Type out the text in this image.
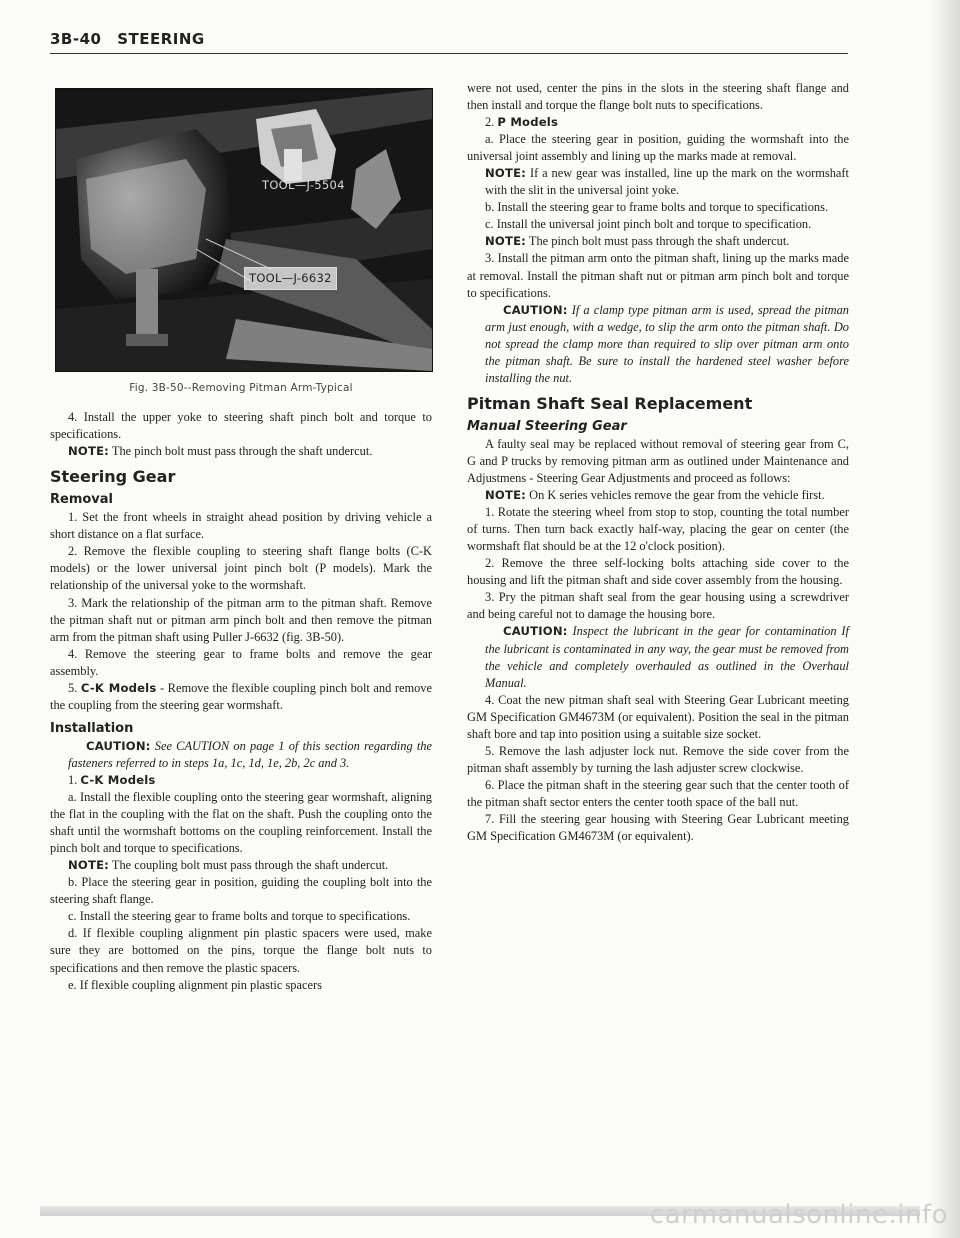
3B-40 STEERING
TOOL—J-5504
TOOL—J-6632
Fig. 3B-50--Removing Pitman Arm-Typical

4. Install the upper yoke to steering shaft pinch bolt and torque to specifications.

NOTE: The pinch bolt must pass through the shaft undercut.

Steering Gear
Removal

1. Set the front wheels in straight ahead position by driving vehicle a short distance on a flat surface.

2. Remove the flexible coupling to steering shaft flange bolts (C-K models) or the lower universal joint pinch bolt (P models). Mark the relationship of the universal yoke to the wormshaft.

3. Mark the relationship of the pitman arm to the pitman shaft. Remove the pitman shaft nut or pitman arm pinch bolt and then remove the pitman arm from the pitman shaft using Puller J-6632 (fig. 3B-50).

4. Remove the steering gear to frame bolts and remove the gear assembly.

5. C-K Models - Remove the flexible coupling pinch bolt and remove the coupling from the steering gear wormshaft.

Installation

CAUTION: See CAUTION on page 1 of this section regarding the fasteners referred to in steps 1a, 1c, 1d, 1e, 2b, 2c and 3.

1. C-K Models

a. Install the flexible coupling onto the steering gear wormshaft, aligning the flat in the coupling with the flat on the shaft. Push the coupling onto the shaft until the wormshaft bottoms on the coupling reinforcement. Install the pinch bolt and torque to specifications.

NOTE: The coupling bolt must pass through the shaft undercut.

b. Place the steering gear in position, guiding the coupling bolt into the steering shaft flange.

c. Install the steering gear to frame bolts and torque to specifications.

d. If flexible coupling alignment pin plastic spacers were used, make sure they are bottomed on the pins, torque the flange bolt nuts to specifications and then remove the plastic spacers.

e. If flexible coupling alignment pin plastic spacers

were not used, center the pins in the slots in the steering shaft flange and then install and torque the flange bolt nuts to specifications.

2. P Models

a. Place the steering gear in position, guiding the wormshaft into the universal joint assembly and lining up the marks made at removal.

NOTE: If a new gear was installed, line up the mark on the wormshaft with the slit in the universal joint yoke.

b. Install the steering gear to frame bolts and torque to specifications.

c. Install the universal joint pinch bolt and torque to specification.

NOTE: The pinch bolt must pass through the shaft undercut.

3. Install the pitman arm onto the pitman shaft, lining up the marks made at removal. Install the pitman shaft nut or pitman arm pinch bolt and torque to specifications.

CAUTION: If a clamp type pitman arm is used, spread the pitman arm just enough, with a wedge, to slip the arm onto the pitman shaft. Do not spread the clamp more than required to slip over pitman arm onto the pitman shaft. Be sure to install the hardened steel washer before installing the nut.

Pitman Shaft Seal Replacement
Manual Steering Gear

A faulty seal may be replaced without removal of steering gear from C, G and P trucks by removing pitman arm as outlined under Maintenance and Adjustmens - Steering Gear Adjustments and proceed as follows:

NOTE: On K series vehicles remove the gear from the vehicle first.

1. Rotate the steering wheel from stop to stop, counting the total number of turns. Then turn back exactly half-way, placing the gear on center (the wormshaft flat should be at the 12 o'clock position).

2. Remove the three self-locking bolts attaching side cover to the housing and lift the pitman shaft and side cover assembly from the housing.

3. Pry the pitman shaft seal from the gear housing using a screwdriver and being careful not to damage the housing bore.

CAUTION: Inspect the lubricant in the gear for contamination If the lubricant is contaminated in any way, the gear must be removed from the vehicle and completely overhauled as outlined in the Overhaul Manual.

4. Coat the new pitman shaft seal with Steering Gear Lubricant meeting GM Specification GM4673M (or equivalent). Position the seal in the pitman shaft bore and tap into position using a suitable size socket.

5. Remove the lash adjuster lock nut. Remove the side cover from the pitman shaft assembly by turning the lash adjuster screw clockwise.

6. Place the pitman shaft in the steering gear such that the center tooth of the pitman shaft sector enters the center tooth space of the ball nut.

7. Fill the steering gear housing with Steering Gear Lubricant meeting GM Specification GM4673M (or equivalent).

carmanualsonline.info
